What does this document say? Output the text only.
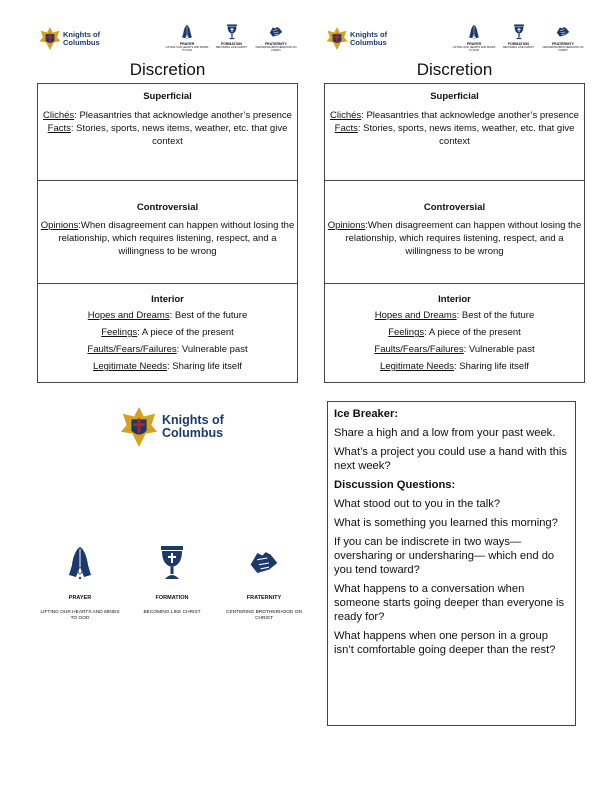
Knights of
Columbus	PRAYER
LIFTING OUR HEARTS AND MINDS TO GOD
FORMATION
BECOMING LIKE CHRIST
FRATERNITY
CENTERING BROTHERHOOD ON CHRIST
Discretion
Superficial

Clichés: Pleasantries that acknowledge another’s presence

Facts: Stories, sports, news items, weather, etc. that give context

Controversial

Opinions:When disagreement can happen without losing the relationship, which requires listening, respect, and a willingness to be wrong

Interior

Hopes and Dreams: Best of the future

Feelings: A piece of the present

Faults/Fears/Failures: Vulnerable past

Legitimate Needs: Sharing life itself

Knights of
Columbus	PRAYER
LIFTING OUR HEARTS AND MINDS TO GOD
FORMATION
BECOMING LIKE CHRIST
FRATERNITY
CENTERING BROTHERHOOD ON CHRIST
Discretion
Superficial

Clichés: Pleasantries that acknowledge another’s presence

Facts: Stories, sports, news items, weather, etc. that give context

Controversial

Opinions:When disagreement can happen without losing the relationship, which requires listening, respect, and a willingness to be wrong

Interior

Hopes and Dreams: Best of the future

Feelings: A piece of the present

Faults/Fears/Failures: Vulnerable past

Legitimate Needs: Sharing life itself

Knights of
Columbus
PRAYER
LIFTING OUR HEARTS AND MINDS TO GOD
FORMATION
BECOMING LIKE CHRIST
FRATERNITY
CENTERING BROTHERHOOD ON CHRIST
Ice Breaker:

Share a high and a low from your past week.

What’s a project you could use a hand with this next week?

Discussion Questions:

What stood out to you in the talk?

What is something you learned this morning?

If you can be indiscrete in two ways—oversharing or undersharing— which end do you tend toward?

What happens to a conversation when someone starts going deeper than everyone is ready for?

What happens when one person in a group isn’t comfortable going deeper than the rest?
